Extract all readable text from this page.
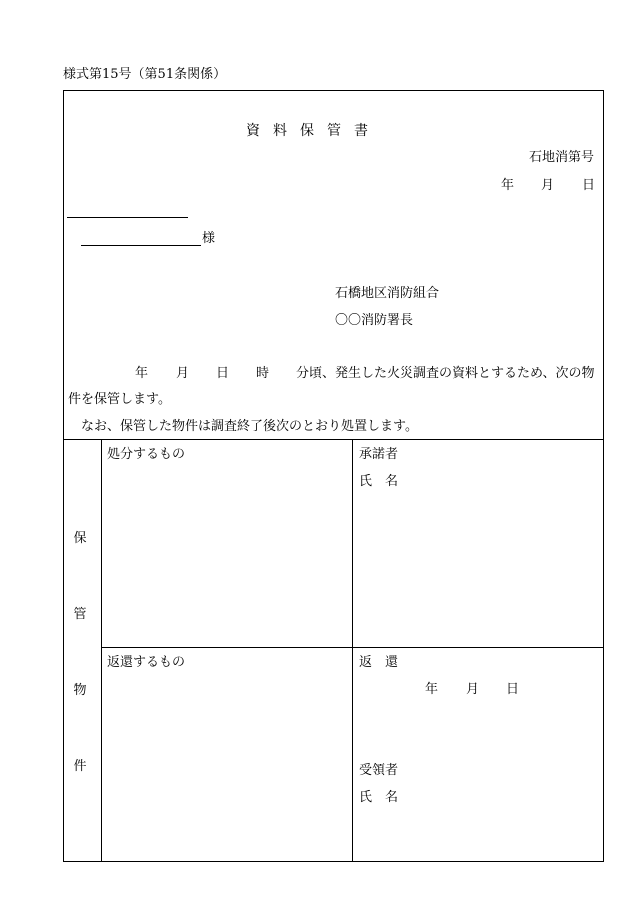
様式第15号（第51条関係）
資料保管書
石地消第号
年 月 日
様
石橋地区消防組合
〇〇消防署長
年 月 日 時 分頃、発生した火災調査の資料とするため、次の物
件を保管します。
なお、保管した物件は調査終了後次のとおり処置します。
保
管
物
件
処分するもの	承諾者
氏　名
返還するもの	返　還
年 月 日
受領者
氏　名
